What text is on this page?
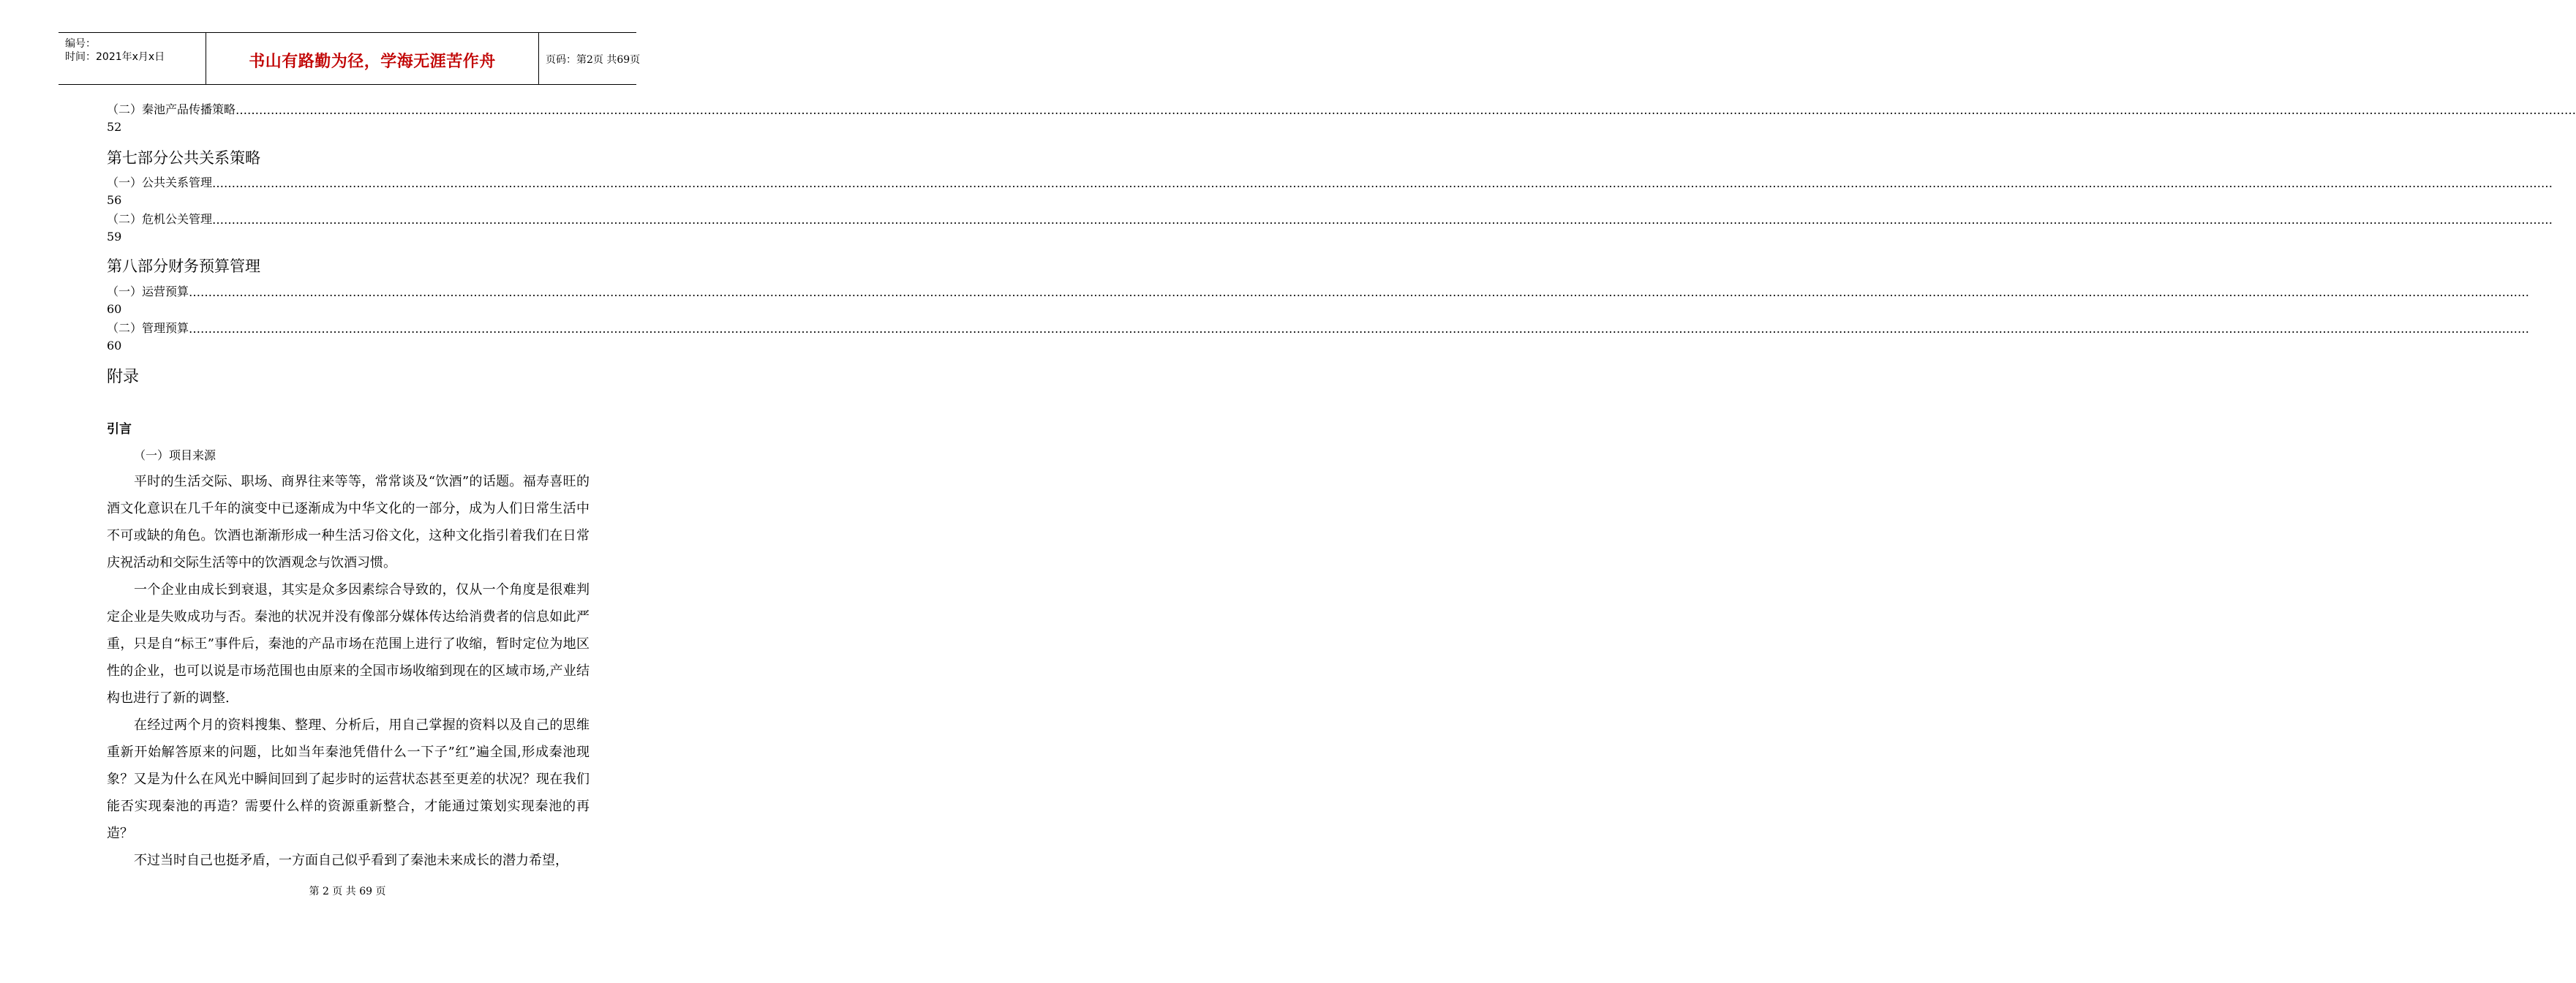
编号：
时间：2021年x月x日	书山有路勤为径，学海无涯苦作舟	页码：第2页 共69页
（二）秦池产品传播策略 ……………………………………………………………………………………………………………………………………………………………………………………………………………………………………………………………………………………………………………………………………………………………………………………………………………………………………………………………………………………………………………………………………………………
52
第七部分公共关系策略
（一）公共关系管理 ……………………………………………………………………………………………………………………………………………………………………………………………………………………………………………………………………………………………………………………………………………………………………………………………………………………………………………………………………………………………………………………………………………………
56
（二）危机公关管理 ……………………………………………………………………………………………………………………………………………………………………………………………………………………………………………………………………………………………………………………………………………………………………………………………………………………………………………………………………………………………………………………………………………………
59
第八部分财务预算管理
（一）运营预算 ……………………………………………………………………………………………………………………………………………………………………………………………………………………………………………………………………………………………………………………………………………………………………………………………………………………………………………………………………………………………………………………………………………………
60
（二）管理预算 ……………………………………………………………………………………………………………………………………………………………………………………………………………………………………………………………………………………………………………………………………………………………………………………………………………………………………………………………………………………………………………………………………………………
60
附录
引言
（一）项目来源

平时的生活交际、职场、商界往来等等，常常谈及“饮酒”的话题。福寿喜旺的酒文化意识在几千年的演变中已逐渐成为中华文化的一部分，成为人们日常生活中不可或缺的角色。饮酒也渐渐形成一种生活习俗文化，这种文化指引着我们在日常庆祝活动和交际生活等中的饮酒观念与饮酒习惯。

一个企业由成长到衰退，其实是众多因素综合导致的，仅从一个角度是很难判定企业是失败成功与否。秦池的状况并没有像部分媒体传达给消费者的信息如此严重，只是自“标王”事件后，秦池的产品市场在范围上进行了收缩，暂时定位为地区性的企业，也可以说是市场范围也由原来的全国市场收缩到现在的区域市场,产业结构也进行了新的调整.

在经过两个月的资料搜集、整理、分析后，用自己掌握的资料以及自己的思维重新开始解答原来的问题，比如当年秦池凭借什么一下子”红”遍全国,形成秦池现象？又是为什么在风光中瞬间回到了起步时的运营状态甚至更差的状况？现在我们能否实现秦池的再造？需要什么样的资源重新整合，才能通过策划实现秦池的再造？

不过当时自己也挺矛盾，一方面自己似乎看到了秦池未来成长的潜力希望，

第 2 页 共 69 页
